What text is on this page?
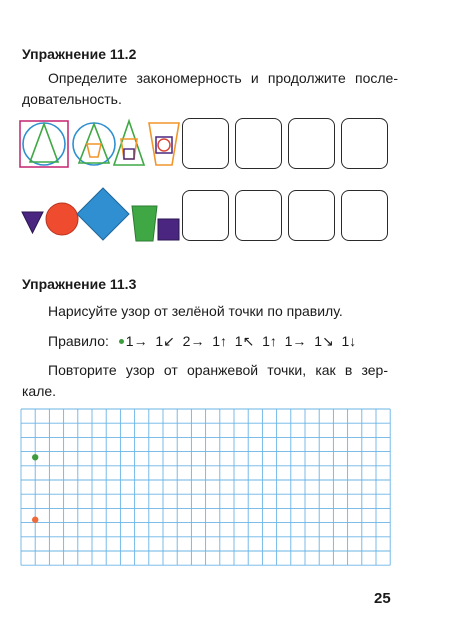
Упражнение 11.2
Определите закономерность и продолжите после-
довательность.
Упражнение 11.3
Нарисуйте узор от зелёной точки по правилу.
Правило: 1→  1↙  2→  1↑  1↖  1↑  1→  1↘  1↓
Повторите узор от оранжевой точки, как в зер-
кале.
25
